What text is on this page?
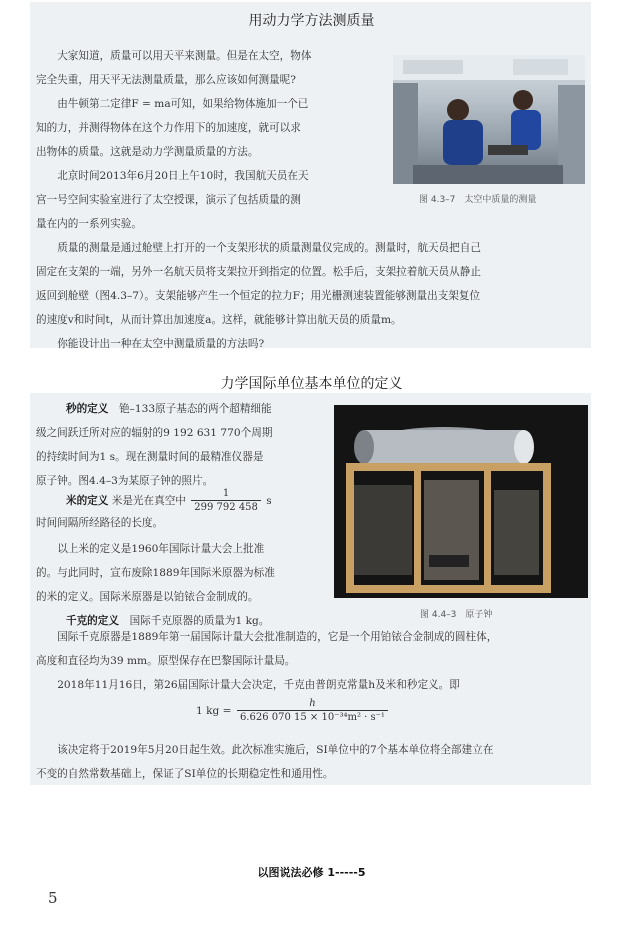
用动力学方法测质量
大家知道，质量可以用天平来测量。但是在太空，物体
完全失重，用天平无法测量质量，那么应该如何测量呢?
由牛顿第二定律F = ma可知，如果给物体施加一个已
知的力，并测得物体在这个力作用下的加速度，就可以求
出物体的质量。这就是动力学测量质量的方法。
北京时间2013年6月20日上午10时，我国航天员在天
宫一号空间实验室进行了太空授课，演示了包括质量的测
量在内的一系列实验。
图 4.3–7　太空中质量的测量
质量的测量是通过舱壁上打开的一个支架形状的质量测量仪完成的。测量时，航天员把自己
固定在支架的一端，另外一名航天员将支架拉开到指定的位置。松手后，支架拉着航天员从静止
返回到舱壁（图4.3–7）。支架能够产生一个恒定的拉力F；用光栅测速装置能够测量出支架复位
的速度v和时间t，从而计算出加速度a。这样，就能够计算出航天员的质量m。
你能设计出一种在太空中测量质量的方法吗?
力学国际单位基本单位的定义
秒的定义　 铯–133原子基态的两个超精细能
级之间跃迁所对应的辐射的9 192 631 770个周期
的持续时间为1 s。现在测量时间的最精准仪器是
原子钟。图4.4–3为某原子钟的照片。
米的定义 米是光在真空中 $\frac{1}{299 792 458}$ s
时间间隔所经路径的长度。
以上米的定义是1960年国际计量大会上批准
的。与此同时，宣布废除1889年国际米原器为标准
的米的定义。国际米原器是以铂铱合金制成的。
千克的定义　 国际千克原器的质量为1 kg。	图 4.4–3　原子钟
国际千克原器是1889年第一届国际计量大会批准制造的，它是一个用铂铱合金制成的圆柱体，
高度和直径均为39 mm。原型保存在巴黎国际计量局。
2018年11月16日，第26届国际计量大会决定，千克由普朗克常量h及米和秒定义。即
1 kg = $\frac{h}{\text{6.626 070 15 × 10⁻³⁴m² · s⁻¹}}$
该决定将于2019年5月20日起生效。此次标准实施后，SI单位中的7个基本单位将全部建立在
不变的自然常数基础上，保证了SI单位的长期稳定性和通用性。
以图说法必修 1-----5
5
